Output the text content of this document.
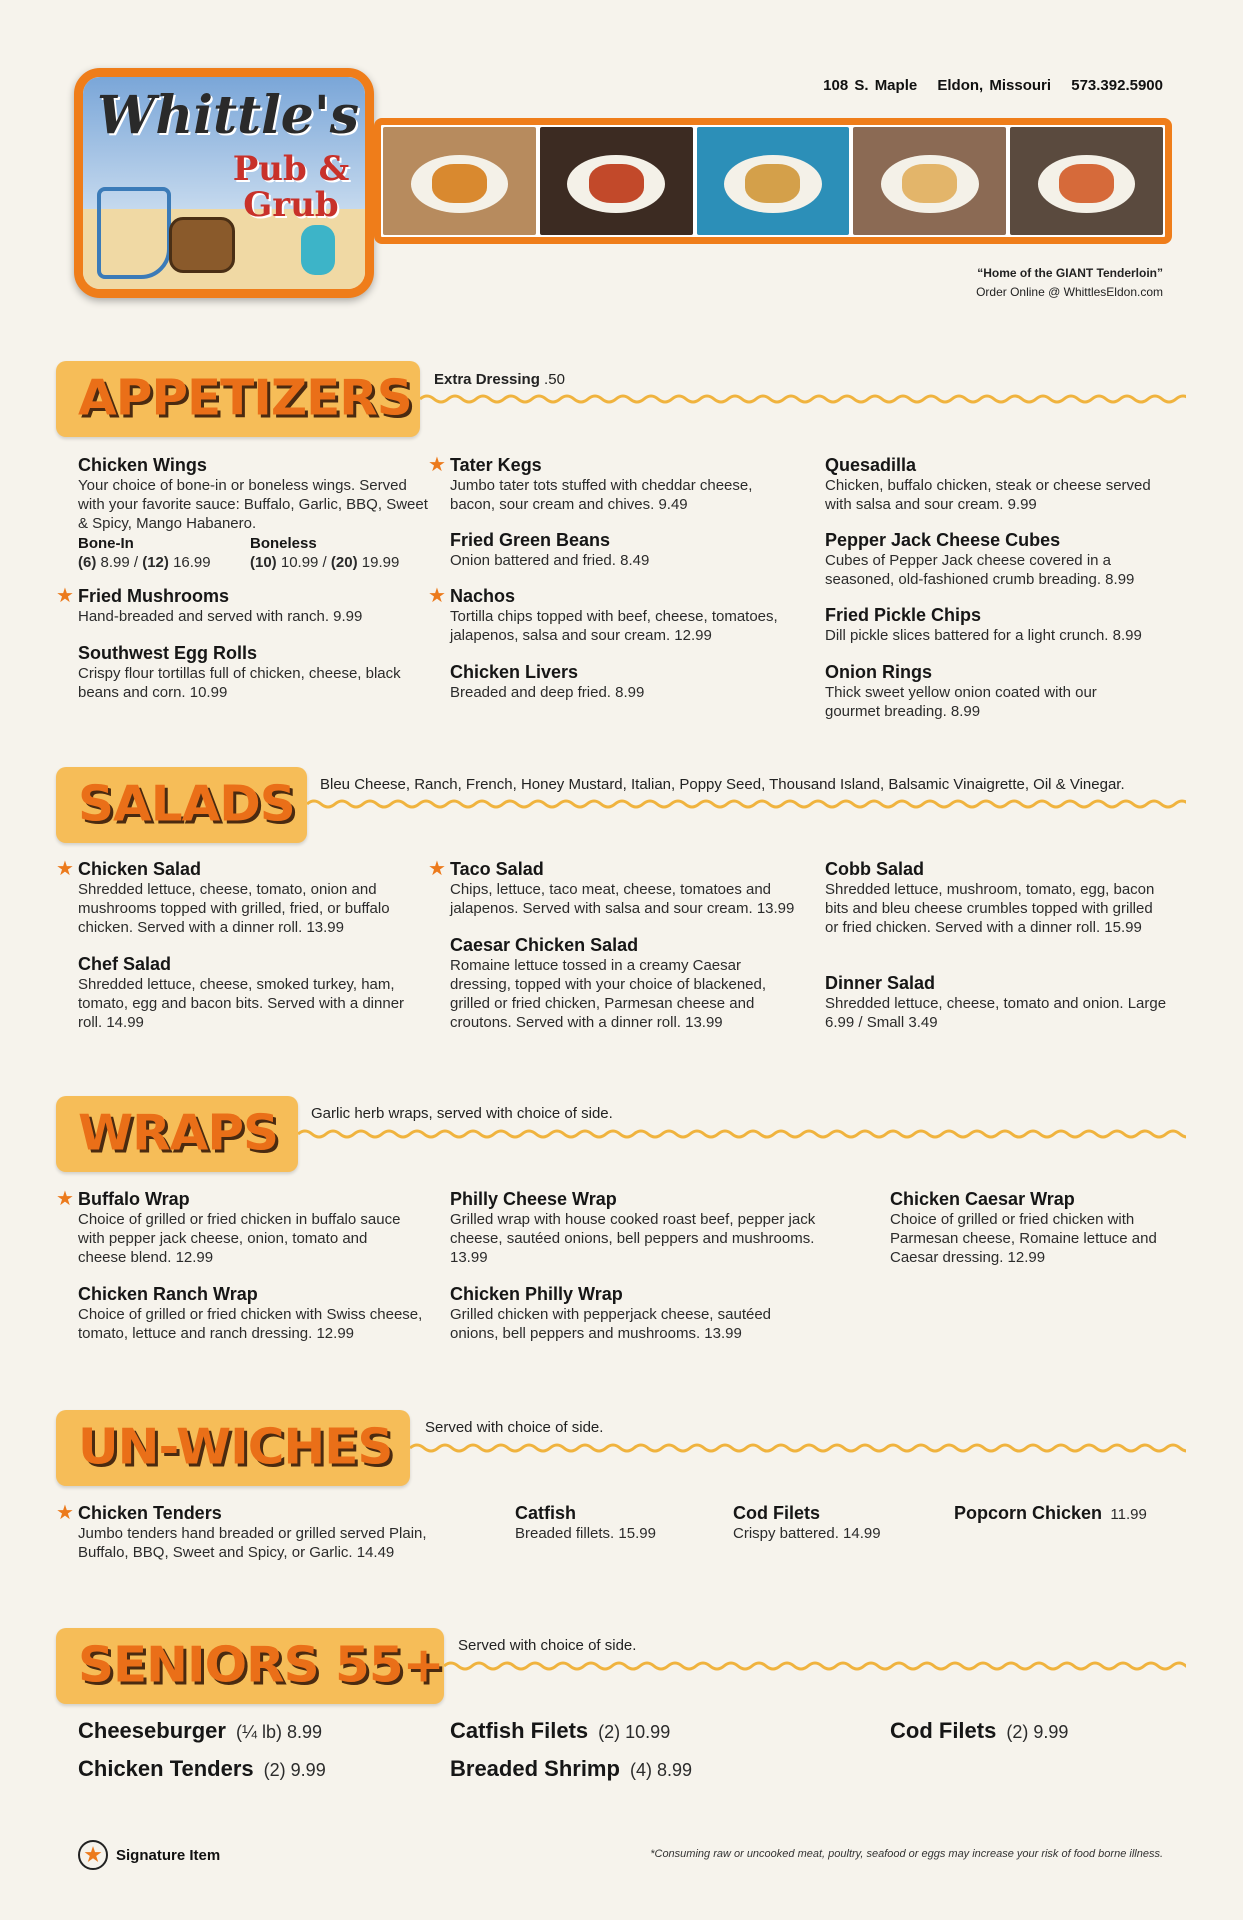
Whittle's
Pub & Grub
108 S. Maple Eldon, Missouri 573.392.5900
“Home of the GIANT Tenderloin”
Order Online @ WhittlesEldon.com
APPETIZERS Extra Dressing .50
Chicken Wings
Your choice of bone-in or boneless wings. Served with your favorite sauce: Buffalo, Garlic, BBQ, Sweet & Spicy, Mango Habanero.
Bone-In
(6) 8.99 / (12) 16.99
Boneless
(10) 10.99 / (20) 19.99
★ Fried Mushrooms
Hand-breaded and served with ranch. 9.99
Southwest Egg Rolls
Crispy flour tortillas full of chicken, cheese, black beans and corn. 10.99
★ Tater Kegs
Jumbo tater tots stuffed with cheddar cheese, bacon, sour cream and chives. 9.49
Fried Green Beans
Onion battered and fried. 8.49
★ Nachos
Tortilla chips topped with beef, cheese, tomatoes, jalapenos, salsa and sour cream. 12.99
Chicken Livers
Breaded and deep fried. 8.99
Quesadilla
Chicken, buffalo chicken, steak or cheese served with salsa and sour cream. 9.99
Pepper Jack Cheese Cubes
Cubes of Pepper Jack cheese covered in a seasoned, old-fashioned crumb breading. 8.99
Fried Pickle Chips
Dill pickle slices battered for a light crunch. 8.99
Onion Rings
Thick sweet yellow onion coated with our gourmet breading. 8.99
SALADS Bleu Cheese, Ranch, French, Honey Mustard, Italian, Poppy Seed, Thousand Island, Balsamic Vinaigrette, Oil & Vinegar.
★ Chicken Salad
Shredded lettuce, cheese, tomato, onion and mushrooms topped with grilled, fried, or buffalo chicken. Served with a dinner roll. 13.99
Chef Salad
Shredded lettuce, cheese, smoked turkey, ham, tomato, egg and bacon bits. Served with a dinner roll. 14.99
★ Taco Salad
Chips, lettuce, taco meat, cheese, tomatoes and jalapenos. Served with salsa and sour cream. 13.99
Caesar Chicken Salad
Romaine lettuce tossed in a creamy Caesar dressing, topped with your choice of blackened, grilled or fried chicken, Parmesan cheese and croutons. Served with a dinner roll. 13.99
Cobb Salad
Shredded lettuce, mushroom, tomato, egg, bacon bits and bleu cheese crumbles topped with grilled or fried chicken. Served with a dinner roll. 15.99
Dinner Salad
Shredded lettuce, cheese, tomato and onion. Large 6.99 / Small 3.49
WRAPS Garlic herb wraps, served with choice of side.
★ Buffalo Wrap
Choice of grilled or fried chicken in buffalo sauce with pepper jack cheese, onion, tomato and cheese blend. 12.99
Chicken Ranch Wrap
Choice of grilled or fried chicken with Swiss cheese, tomato, lettuce and ranch dressing. 12.99
Philly Cheese Wrap
Grilled wrap with house cooked roast beef, pepper jack cheese, sautéed onions, bell peppers and mushrooms. 13.99
Chicken Philly Wrap
Grilled chicken with pepperjack cheese, sautéed onions, bell peppers and mushrooms. 13.99
Chicken Caesar Wrap
Choice of grilled or fried chicken with Parmesan cheese, Romaine lettuce and Caesar dressing. 12.99
UN-WICHES Served with choice of side.
★ Chicken Tenders
Jumbo tenders hand breaded or grilled served Plain, Buffalo, BBQ, Sweet and Spicy, or Garlic. 14.49
Catfish
Breaded fillets. 15.99
Cod Filets
Crispy battered. 14.99
Popcorn Chicken 11.99
SENIORS 55+ Served with choice of side.
Cheeseburger (¼ lb) 8.99
Chicken Tenders (2) 9.99
Catfish Filets (2) 10.99
Breaded Shrimp (4) 8.99
Cod Filets (2) 9.99
★ Signature Item	*Consuming raw or uncooked meat, poultry, seafood or eggs may increase your risk of food borne illness.
